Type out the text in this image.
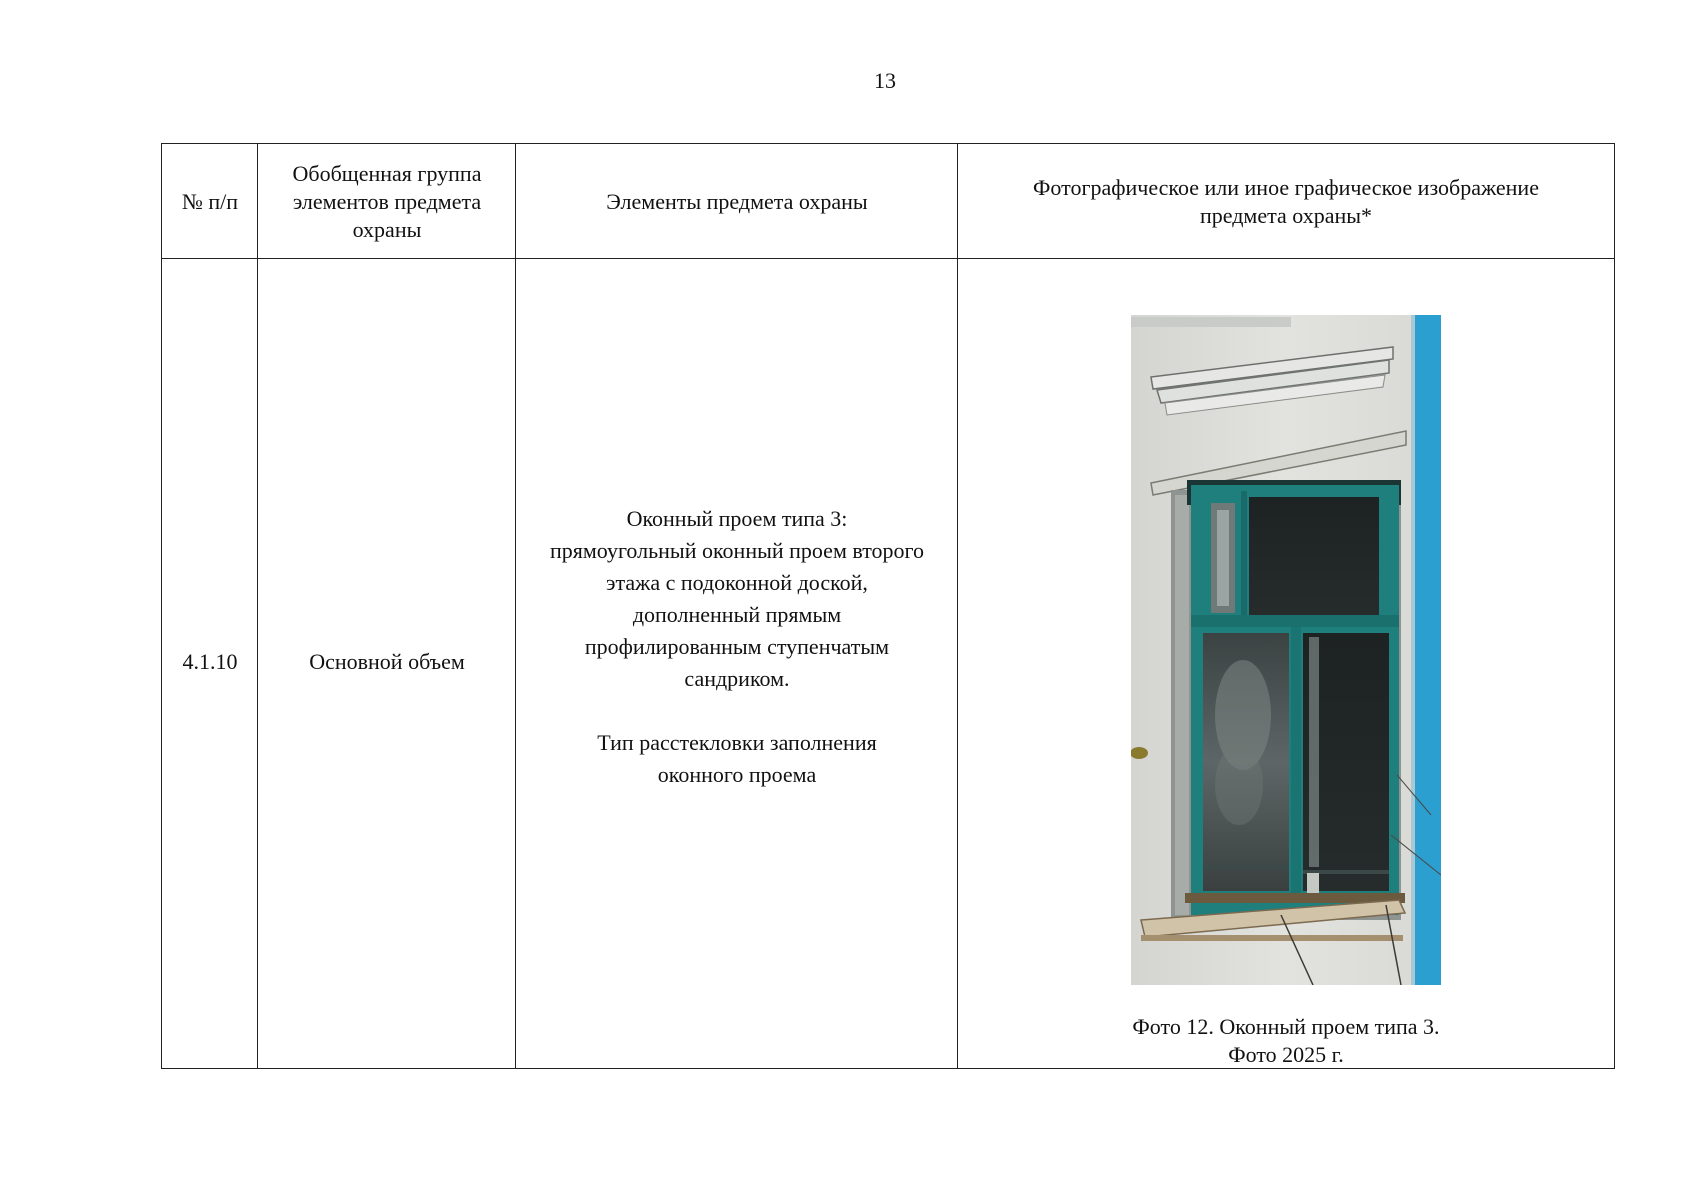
13
№ п/п
Обобщенная группа
элементов предмета
охраны
Элементы предмета охраны
Фотографическое или иное графическое изображение
предмета охраны*
4.1.10	Основной объем

Оконный проем типа 3:

прямоугольный оконный проем второго

этажа с подоконной доской,

дополненный прямым

профилированным ступенчатым

сандриком.

Тип расстекловки заполнения

оконного проема

Фото 12. Оконный проем типа 3.
Фото 2025 г.
